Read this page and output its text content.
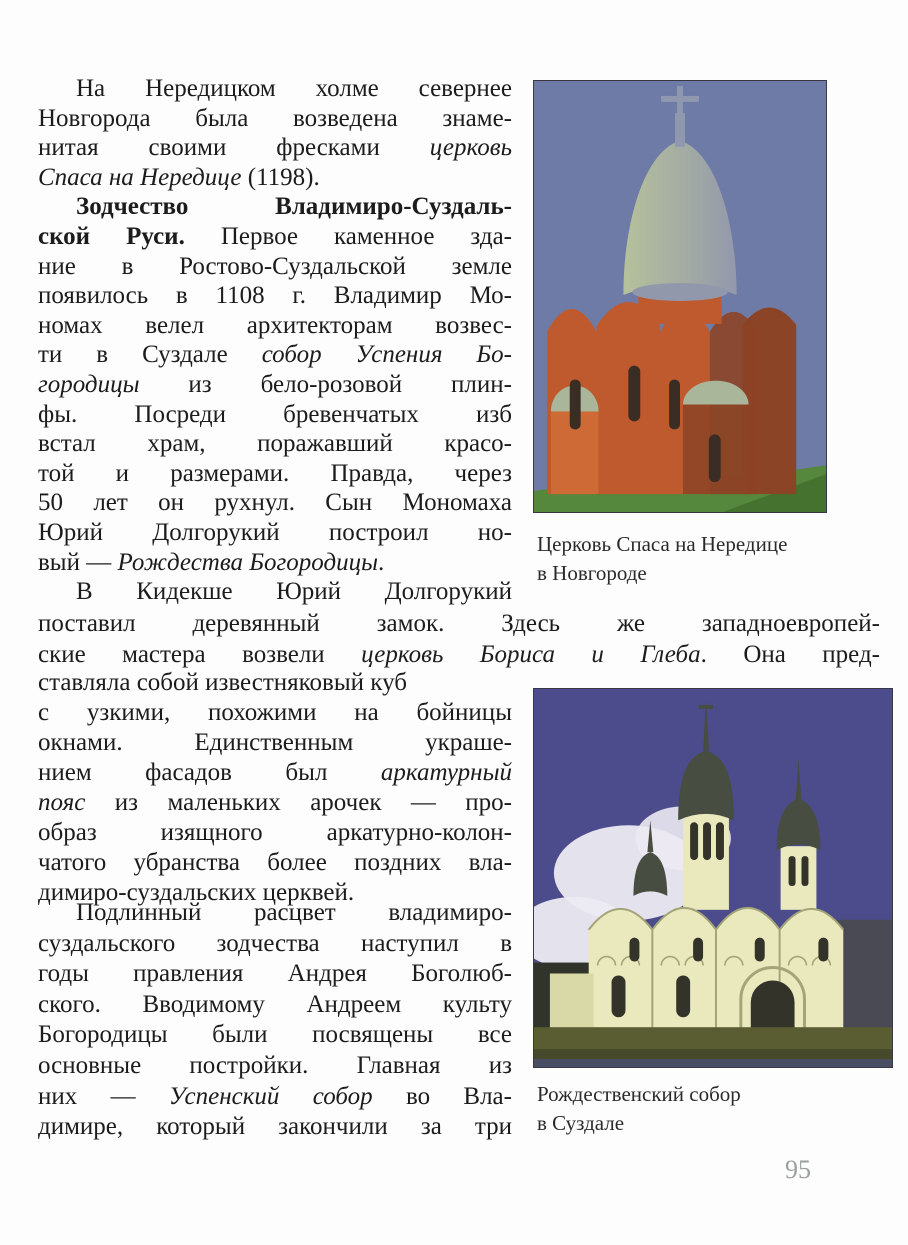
На Нередицком холме севернее
Новгорода была возведена знаме-
нитая своими фресками церковь
Спаса на Нередице (1198).
Зодчество Владимиро-Суздаль-
ской Руси. Первое каменное зда-
ние в Ростово-Суздальской земле
появилось в 1108 г. Владимир Мо-
номах велел архитекторам возвес-
ти в Суздале собор Успения Бо-
городицы из бело-розовой плин-
фы. Посреди бревенчатых изб
встал храм, поражавший красо-
той и размерами. Правда, через
50 лет он рухнул. Сын Мономаха
Юрий Долгорукий построил но-
вый — Рождества Богородицы.
В Кидекше Юрий Долгорукий
поставил деревянный замок. Здесь же западноевропей-
ские мастера возвели церковь Бориса и Глеба. Она пред-
ставляла собой известняковый куб
с узкими, похожими на бойницы
окнами. Единственным украше-
нием фасадов был аркатурный
пояс из маленьких арочек — про-
образ изящного аркатурно-колон-
чатого убранства более поздних вла-
димиро-суздальских церквей.
Подлинный расцвет владимиро-
суздальского зодчества наступил в
годы правления Андрея Боголюб-
ского. Вводимому Андреем культу
Богородицы были посвящены все
основные постройки. Главная из
них — Успенский собор во Вла-
димире, который закончили за три
Церковь Спаса на Нередице
в Новгороде
Рождественский собор
в Суздале
95
